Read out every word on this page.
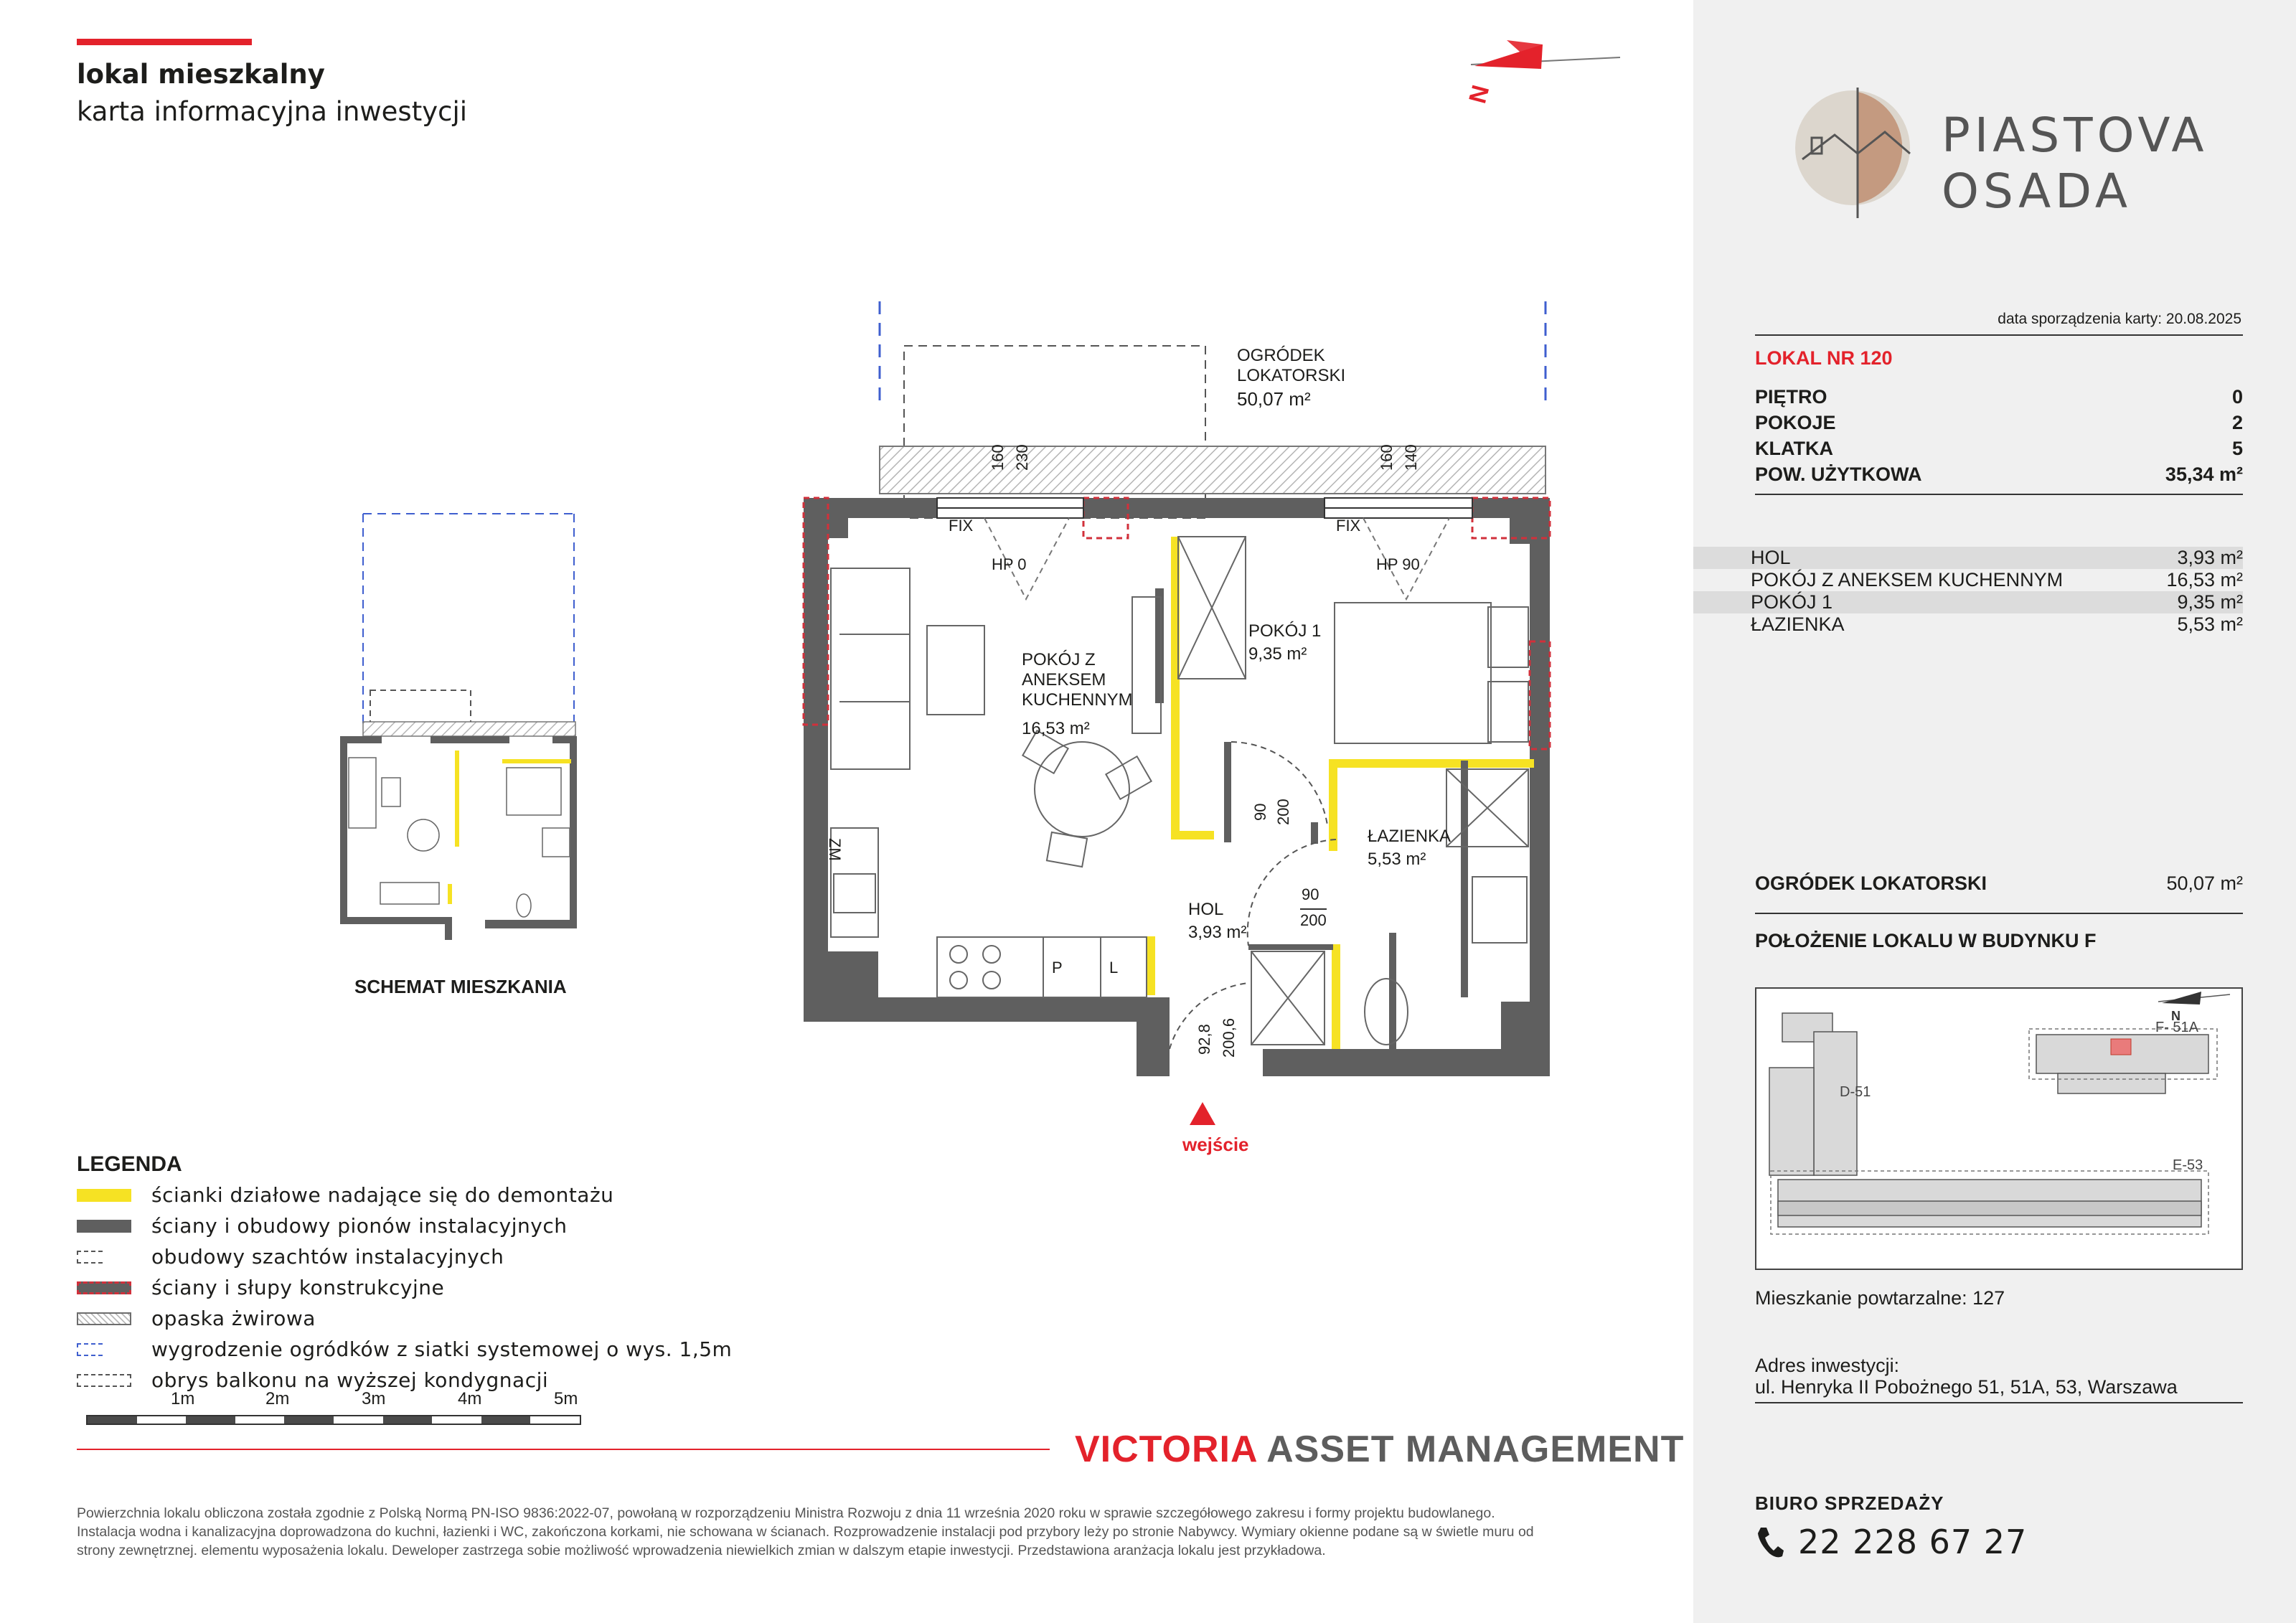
lokal mieszkalny
karta informacyjna inwestycji
OGRÓDEK
LOKATORSKI
50,07 m²
160 230	160 140
FIX	FIX
HP 0	HP 90
POKÓJ Z
ANEKSEM
KUCHENNYM
16,53 m²
POKÓJ 1
9,35 m²
ŁAZIENKA
5,53 m²
HOL
3,93 m²
90 200
90
200
92,8 200,6
ZM
P	L
N
wejście
SCHEMAT MIESZKANIA
LEGENDA
ścianki działowe nadające się do demontażu
ściany i obudowy pionów instalacyjnych
obudowy szachtów instalacyjnych
ściany i słupy konstrukcyjne
opaska żwirowa
wygrodzenie ogródków z siatki systemowej o wys. 1,5m
obrys balkonu na wyższej kondygnacji
1m	2m	3m	4m	5m
VICTORIA ASSET MANAGEMENT
Powierzchnia lokalu obliczona została zgodnie z Polską Normą PN-ISO 9836:2022-07, powołaną w rozporządzeniu Ministra Rozwoju z dnia 11 września 2020 roku w sprawie szczegółowego zakresu i formy projektu budowlanego. Instalacja wodna i kanalizacyjna doprowadzona do kuchni, łazienki i WC, zakończona korkami, nie schowana w ścianach. Rozprowadzenie instalacji pod przybory leży po stronie Nabywcy. Wymiary okienne podane są w świetle muru od strony zewnętrznej. elementu wyposażenia lokalu. Deweloper zastrzega sobie możliwość wprowadzenia niewielkich zmian w dalszym etapie inwestycji. Przedstawiona aranżacja lokalu jest przykładowa.
PIASTOVA
OSADA
data sporządzenia karty: 20.08.2025
LOKAL NR 120
PIĘTRO	0
POKOJE	2
KLATKA	5
POW. UŻYTKOWA	35,34 m²
HOL	3,93 m²
POKÓJ Z ANEKSEM KUCHENNYM	16,53 m²
POKÓJ 1	9,35 m²
ŁAZIENKA	5,53 m²
OGRÓDEK LOKATORSKI	50,07 m²
POŁOŻENIE LOKALU W BUDYNKU F
D-51
F- 51A
E-53
N
Mieszkanie powtarzalne: 127
Adres inwestycji:
ul. Henryka II Pobożnego 51, 51A, 53, Warszawa
BIURO SPRZEDAŻY
22 228 67 27
